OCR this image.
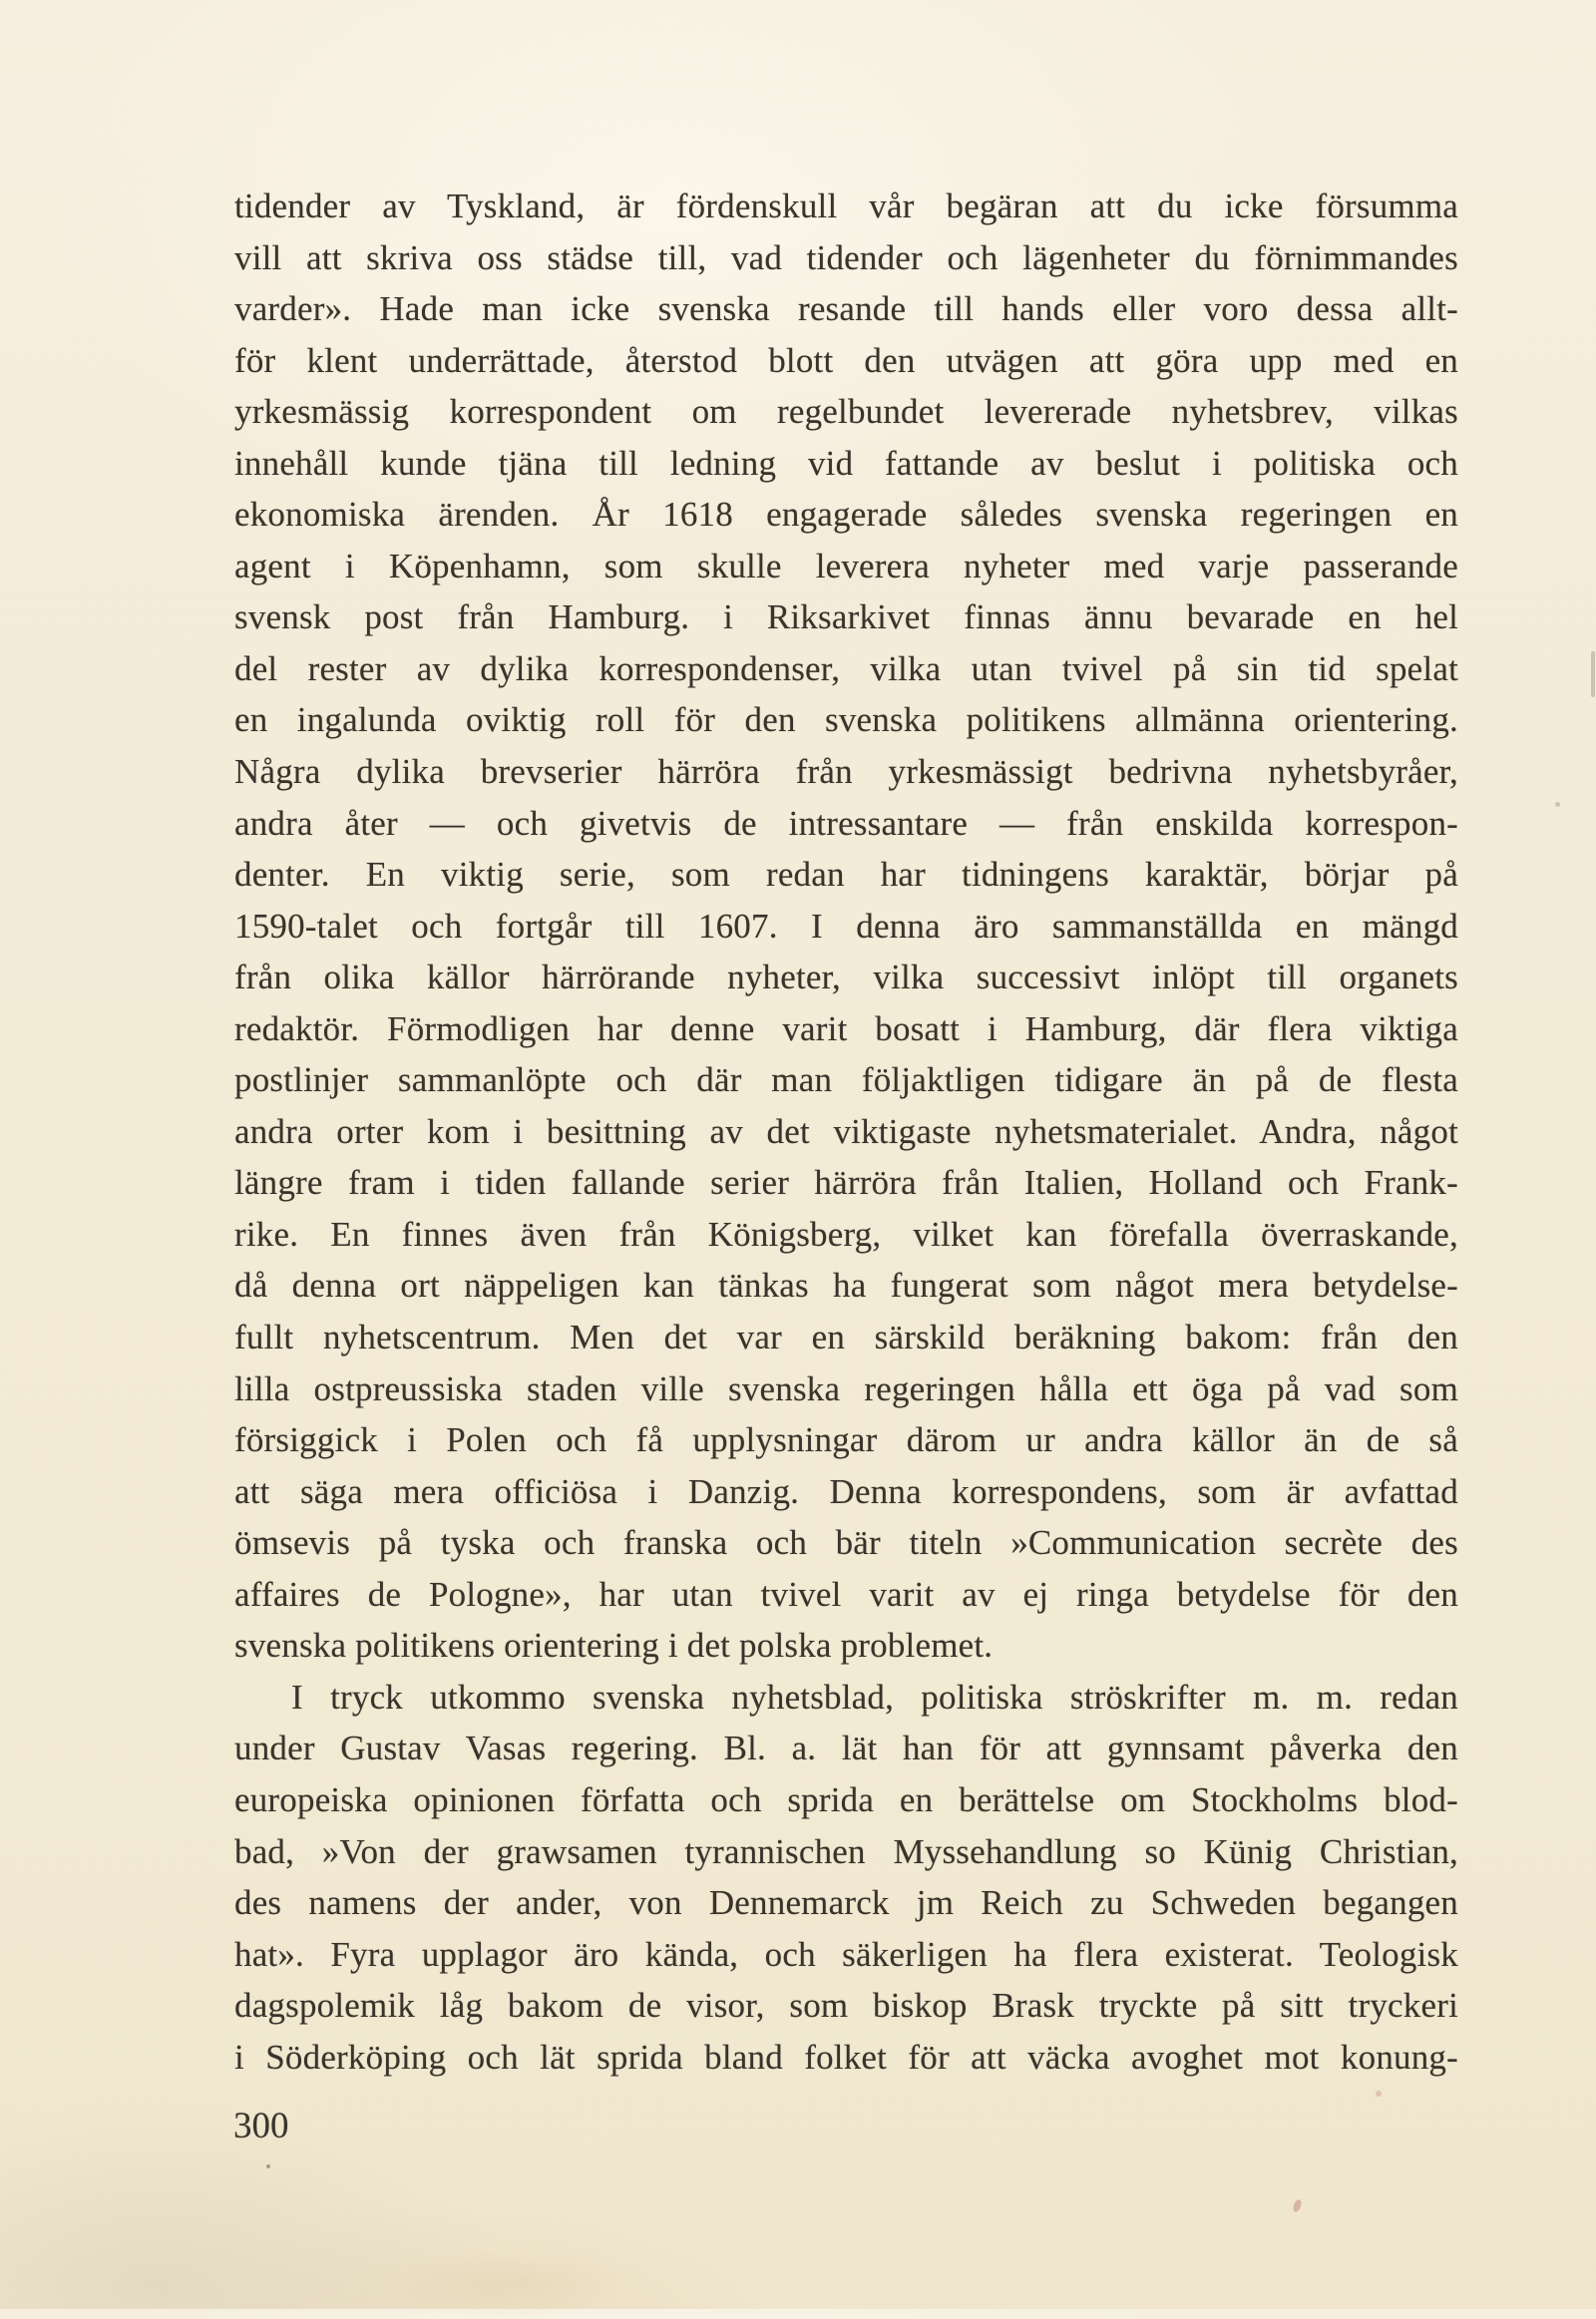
tidender av Tyskland, är fördenskull vår begäran att du icke försumma
vill att skriva oss städse till, vad tidender och lägenheter du förnimmandes
varder». Hade man icke svenska resande till hands eller voro dessa allt-
för klent underrättade, återstod blott den utvägen att göra upp med en
yrkesmässig korrespondent om regelbundet levererade nyhetsbrev, vilkas
innehåll kunde tjäna till ledning vid fattande av beslut i politiska och
ekonomiska ärenden. År 1618 engagerade således svenska regeringen en
agent i Köpenhamn, som skulle leverera nyheter med varje passerande
svensk post från Hamburg. i Riksarkivet finnas ännu bevarade en hel
del rester av dylika korrespondenser, vilka utan tvivel på sin tid spelat
en ingalunda oviktig roll för den svenska politikens allmänna orientering.
Några dylika brevserier härröra från yrkesmässigt bedrivna nyhetsbyråer,
andra åter — och givetvis de intressantare — från enskilda korrespon-
denter. En viktig serie, som redan har tidningens karaktär, börjar på
1590-talet och fortgår till 1607. I denna äro sammanställda en mängd
från olika källor härrörande nyheter, vilka successivt inlöpt till organets
redaktör. Förmodligen har denne varit bosatt i Hamburg, där flera viktiga
postlinjer sammanlöpte och där man följaktligen tidigare än på de flesta
andra orter kom i besittning av det viktigaste nyhetsmaterialet. Andra, något
längre fram i tiden fallande serier härröra från Italien, Holland och Frank-
rike. En finnes även från Königsberg, vilket kan förefalla överraskande,
då denna ort näppeligen kan tänkas ha fungerat som något mera betydelse-
fullt nyhetscentrum. Men det var en särskild beräkning bakom: från den
lilla ostpreussiska staden ville svenska regeringen hålla ett öga på vad som
försiggick i Polen och få upplysningar därom ur andra källor än de så
att säga mera officiösa i Danzig. Denna korrespondens, som är avfattad
ömsevis på tyska och franska och bär titeln »Communication secrète des
affaires de Pologne», har utan tvivel varit av ej ringa betydelse för den
svenska politikens orientering i det polska problemet.
I tryck utkommo svenska nyhetsblad, politiska ströskrifter m. m. redan
under Gustav Vasas regering. Bl. a. lät han för att gynnsamt påverka den
europeiska opinionen författa och sprida en berättelse om Stockholms blod-
bad, »Von der grawsamen tyrannischen Myssehandlung so Künig Christian,
des namens der ander, von Dennemarck jm Reich zu Schweden begangen
hat». Fyra upplagor äro kända, och säkerligen ha flera existerat. Teologisk
dagspolemik låg bakom de visor, som biskop Brask tryckte på sitt tryckeri
i Söderköping och lät sprida bland folket för att väcka avoghet mot konung-
300
